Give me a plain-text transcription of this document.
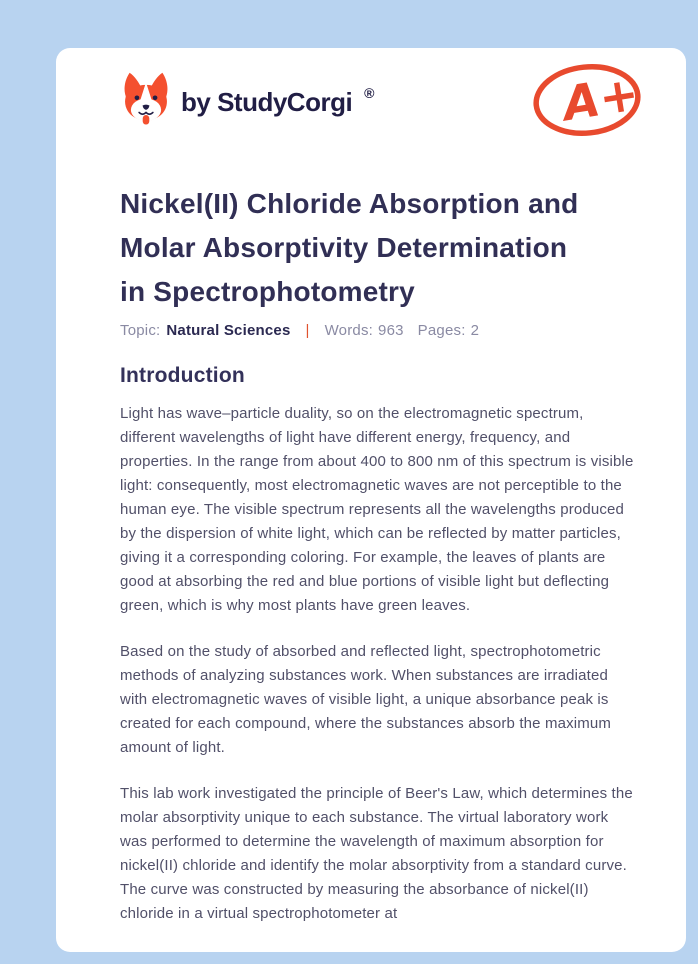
by StudyCorgi ®	A+
Nickel(II) Chloride Absorption and
Molar Absorptivity Determination
in Spectrophotometry
Topic: Natural Sciences | Words: 963 Pages: 2
Introduction

Light has wave–particle duality, so on the electromagnetic spectrum, different wavelengths of light have different energy, frequency, and properties. In the range from about 400 to 800 nm of this spectrum is visible light: consequently, most electromagnetic waves are not perceptible to the human eye. The visible spectrum represents all the wavelengths produced by the dispersion of white light, which can be reflected by matter particles, giving it a corresponding coloring. For example, the leaves of plants are good at absorbing the red and blue portions of visible light but deflecting green, which is why most plants have green leaves.

Based on the study of absorbed and reflected light, spectrophotometric methods of analyzing substances work. When substances are irradiated with electromagnetic waves of visible light, a unique absorbance peak is created for each compound, where the substances absorb the maximum amount of light.

This lab work investigated the principle of Beer's Law, which determines the molar absorptivity unique to each substance. The virtual laboratory work was performed to determine the wavelength of maximum absorption for nickel(II) chloride and identify the molar absorptivity from a standard curve. The curve was constructed by measuring the absorbance of nickel(II) chloride in a virtual spectrophotometer at
